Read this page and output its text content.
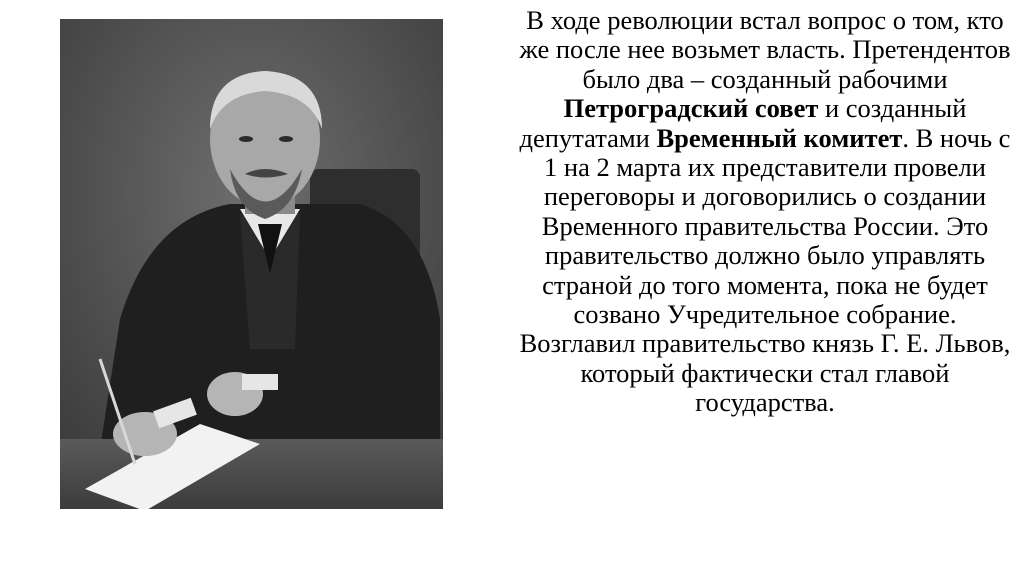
В ходе революции встал вопрос о том, кто же после нее возьмет власть. Претендентов было два – созданный рабочими Петроградский совет и созданный депутатами Временный комитет. В ночь с 1 на 2 марта их представители провели переговоры и договорились о создании Временного правительства России. Это правительство должно было управлять страной до того момента, пока не будет созвано Учредительное собрание. Возглавил правительство князь Г. Е. Львов, который фактически стал главой государства.
